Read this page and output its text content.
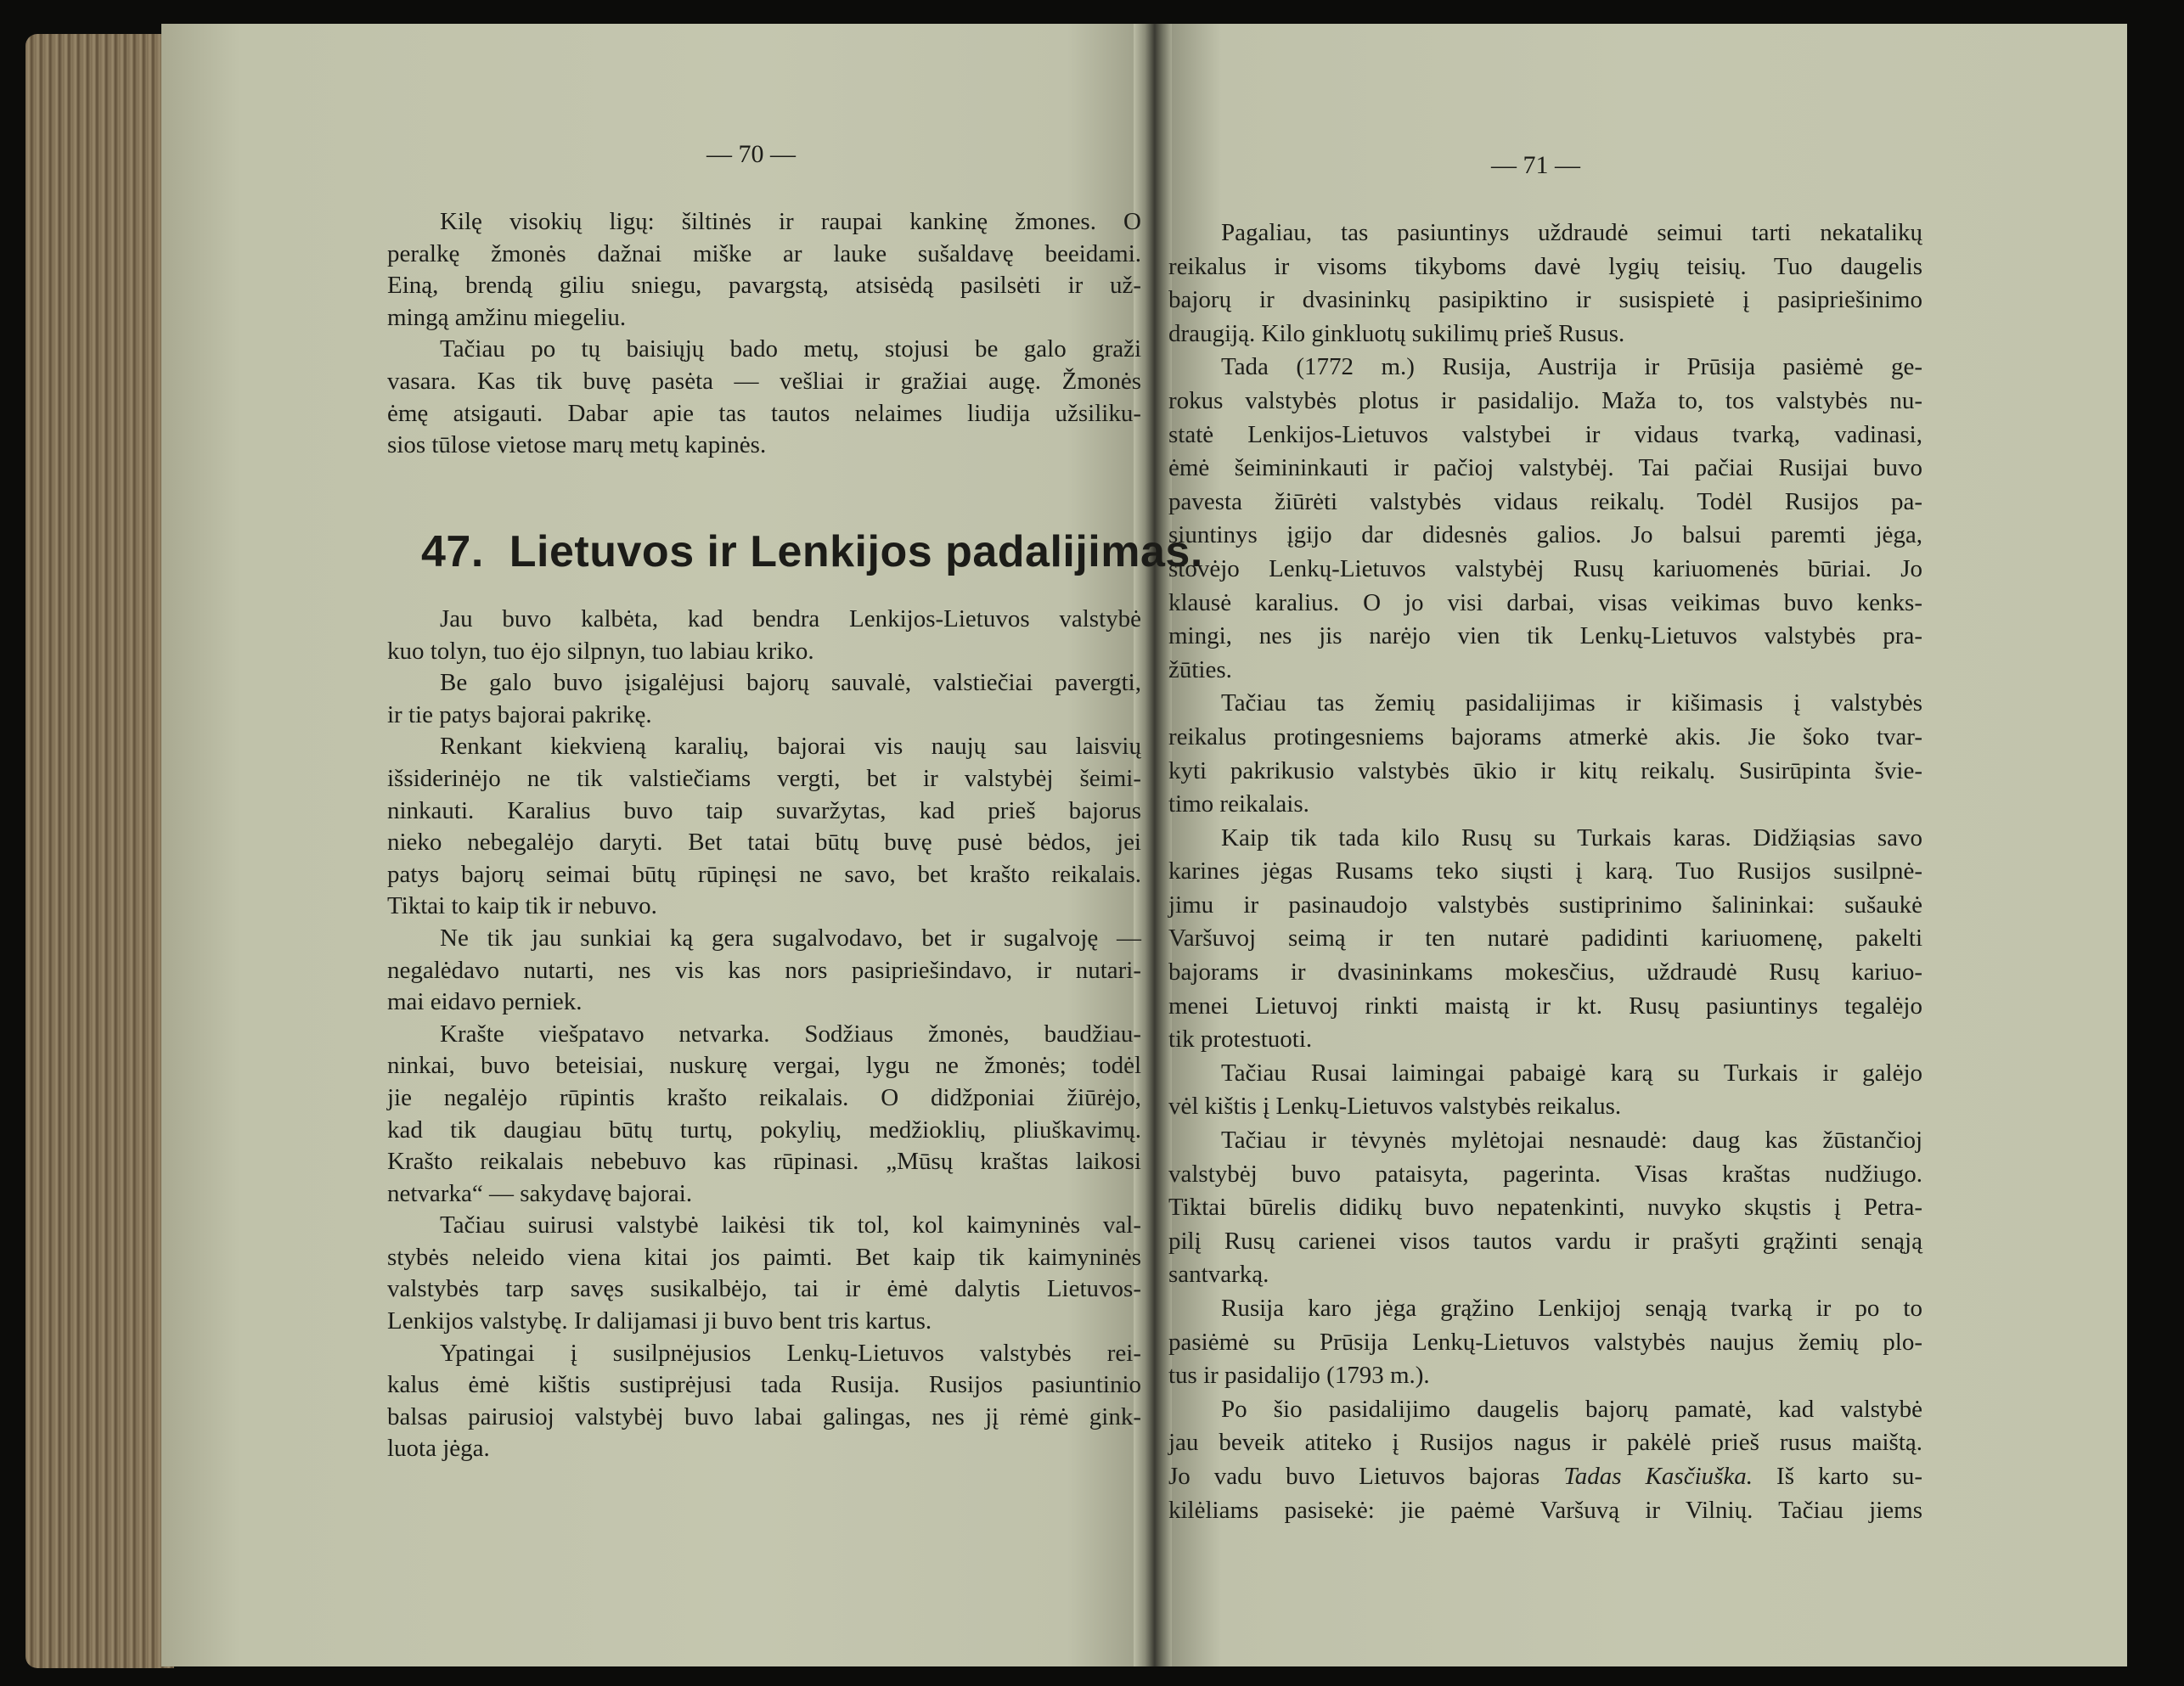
— 70 —	— 71 —
Kilę visokių ligų: šiltinės ir raupai kankinę žmones. O
peralkę žmonės dažnai miške ar lauke sušaldavę beeidami.
Einą, brendą giliu sniegu, pavargstą, atsisėdą pasilsėti ir už-
mingą amžinu miegeliu.
Tačiau po tų baisiųjų bado metų, stojusi be galo graži
vasara. Kas tik buvę pasėta — vešliai ir gražiai augę. Žmonės
ėmę atsigauti. Dabar apie tas tautos nelaimes liudija užsiliku-
sios tūlose vietose marų metų kapinės.
47. Lietuvos ir Lenkijos padalijimas.
Jau buvo kalbėta, kad bendra Lenkijos-Lietuvos valstybė
kuo tolyn, tuo ėjo silpnyn, tuo labiau kriko.
Be galo buvo įsigalėjusi bajorų sauvalė, valstiečiai pavergti,
ir tie patys bajorai pakrikę.
Renkant kiekvieną karalių, bajorai vis naujų sau laisvių
išsiderinėjo ne tik valstiečiams vergti, bet ir valstybėj šeimi-
ninkauti. Karalius buvo taip suvaržytas, kad prieš bajorus
nieko nebegalėjo daryti. Bet tatai būtų buvę pusė bėdos, jei
patys bajorų seimai būtų rūpinęsi ne savo, bet krašto reikalais.
Tiktai to kaip tik ir nebuvo.
Ne tik jau sunkiai ką gera sugalvodavo, bet ir sugalvoję —
negalėdavo nutarti, nes vis kas nors pasipriešindavo, ir nutari-
mai eidavo perniek.
Krašte viešpatavo netvarka. Sodžiaus žmonės, baudžiau-
ninkai, buvo beteisiai, nuskurę vergai, lygu ne žmonės; todėl
jie negalėjo rūpintis krašto reikalais. O didžponiai žiūrėjo,
kad tik daugiau būtų turtų, pokylių, medžioklių, pliuškavimų.
Krašto reikalais nebebuvo kas rūpinasi. „Mūsų kraštas laikosi
netvarka“ — sakydavę bajorai.
Tačiau suirusi valstybė laikėsi tik tol, kol kaimyninės val-
stybės neleido viena kitai jos paimti. Bet kaip tik kaimyninės
valstybės tarp savęs susikalbėjo, tai ir ėmė dalytis Lietuvos-
Lenkijos valstybę. Ir dalijamasi ji buvo bent tris kartus.
Ypatingai į susilpnėjusios Lenkų-Lietuvos valstybės rei-
kalus ėmė kištis sustiprėjusi tada Rusija. Rusijos pasiuntinio
balsas pairusioj valstybėj buvo labai galingas, nes jį rėmė gink-
luota jėga.
Pagaliau, tas pasiuntinys uždraudė seimui tarti nekatalikų
reikalus ir visoms tikyboms davė lygių teisių. Tuo daugelis
bajorų ir dvasininkų pasipiktino ir susispietė į pasipriešinimo
draugiją. Kilo ginkluotų sukilimų prieš Rusus.
Tada (1772 m.) Rusija, Austrija ir Prūsija pasiėmė ge-
rokus valstybės plotus ir pasidalijo. Maža to, tos valstybės nu-
statė Lenkijos-Lietuvos valstybei ir vidaus tvarką, vadinasi,
ėmė šeimininkauti ir pačioj valstybėj. Tai pačiai Rusijai buvo
pavesta žiūrėti valstybės vidaus reikalų. Todėl Rusijos pa-
siuntinys įgijo dar didesnės galios. Jo balsui paremti jėga,
stovėjo Lenkų-Lietuvos valstybėj Rusų kariuomenės būriai. Jo
klausė karalius. O jo visi darbai, visas veikimas buvo kenks-
mingi, nes jis narėjo vien tik Lenkų-Lietuvos valstybės pra-
žūties.
Tačiau tas žemių pasidalijimas ir kišimasis į valstybės
reikalus protingesniems bajorams atmerkė akis. Jie šoko tvar-
kyti pakrikusio valstybės ūkio ir kitų reikalų. Susirūpinta švie-
timo reikalais.
Kaip tik tada kilo Rusų su Turkais karas. Didžiąsias savo
karines jėgas Rusams teko siųsti į karą. Tuo Rusijos susilpnė-
jimu ir pasinaudojo valstybės sustiprinimo šalininkai: sušaukė
Varšuvoj seimą ir ten nutarė padidinti kariuomenę, pakelti
bajorams ir dvasininkams mokesčius, uždraudė Rusų kariuo-
menei Lietuvoj rinkti maistą ir kt. Rusų pasiuntinys tegalėjo
tik protestuoti.
Tačiau Rusai laimingai pabaigė karą su Turkais ir galėjo
vėl kištis į Lenkų-Lietuvos valstybės reikalus.
Tačiau ir tėvynės mylėtojai nesnaudė: daug kas žūstančioj
valstybėj buvo pataisyta, pagerinta. Visas kraštas nudžiugo.
Tiktai būrelis didikų buvo nepatenkinti, nuvyko skųstis į Petra-
pilį Rusų carienei visos tautos vardu ir prašyti grąžinti senąją
santvarką.
Rusija karo jėga grąžino Lenkijoj senąją tvarką ir po to
pasiėmė su Prūsija Lenkų-Lietuvos valstybės naujus žemių plo-
tus ir pasidalijo (1793 m.).
Po šio pasidalijimo daugelis bajorų pamatė, kad valstybė
jau beveik atiteko į Rusijos nagus ir pakėlė prieš rusus maištą.
Jo vadu buvo Lietuvos bajoras Tadas Kasčiuška. Iš karto su-
kilėliams pasisekė: jie paėmė Varšuvą ir Vilnių. Tačiau jiems
